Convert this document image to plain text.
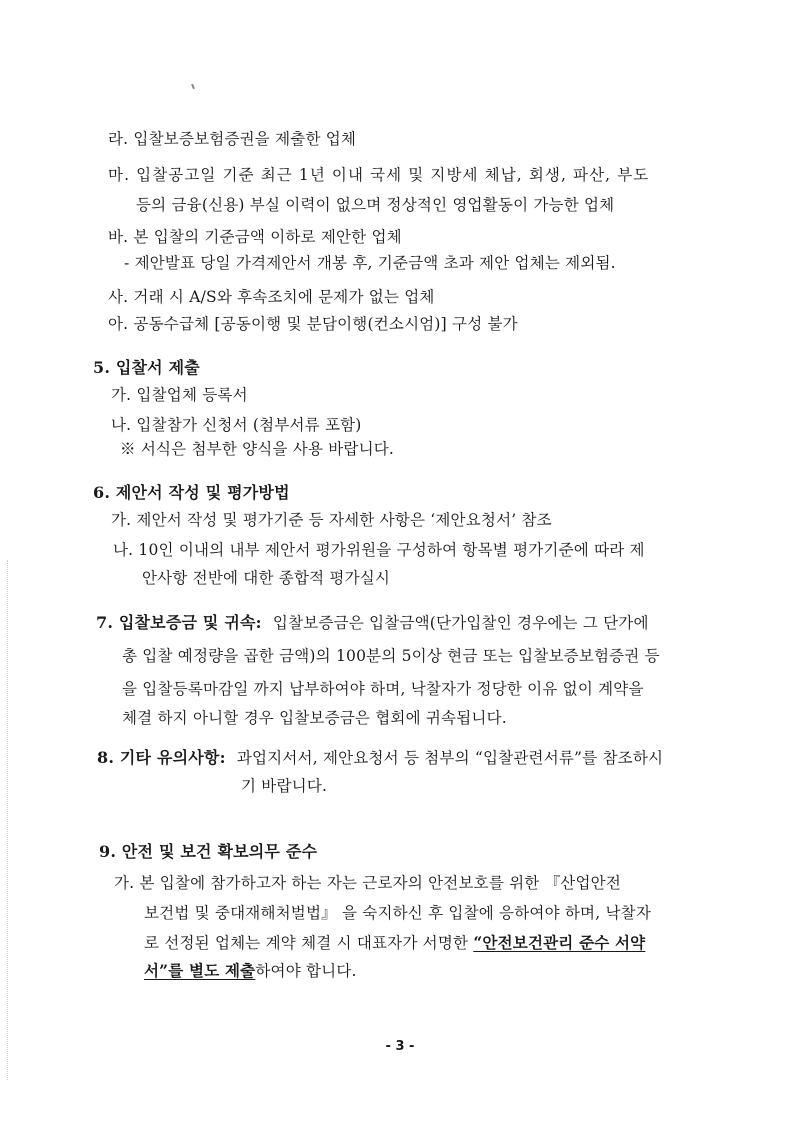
라. 입찰보증보험증권을 제출한 업체
마. 입찰공고일 기준 최근 1년 이내 국세 및 지방세 체납, 회생, 파산, 부도
등의 금융(신용) 부실 이력이 없으며 정상적인 영업활동이 가능한 업체
바. 본 입찰의 기준금액 이하로 제안한 업체
- 제안발표 당일 가격제안서 개봉 후, 기준금액 초과 제안 업체는 제외됨.
사. 거래 시 A/S와 후속조치에 문제가 없는 업체
아. 공동수급체 [공동이행 및 분담이행(컨소시엄)] 구성 불가
5. 입찰서 제출
가. 입찰업체 등록서
나. 입찰참가 신청서 (첨부서류 포함)
※ 서식은 첨부한 양식을 사용 바랍니다.
6. 제안서 작성 및 평가방법
가. 제안서 작성 및 평가기준 등 자세한 사항은 ‘제안요청서’ 참조
나. 10인 이내의 내부 제안서 평가위원을 구성하여 항목별 평가기준에 따라 제
안사항 전반에 대한 종합적 평가실시
7. 입찰보증금 및 귀속: 입찰보증금은 입찰금액(단가입찰인 경우에는 그 단가에
총 입찰 예정량을 곱한 금액)의 100분의 5이상 현금 또는 입찰보증보험증권 등
을 입찰등록마감일 까지 납부하여야 하며, 낙찰자가 정당한 이유 없이 계약을
체결 하지 아니할 경우 입찰보증금은 협회에 귀속됩니다.
8. 기타 유의사항: 과업지서서, 제안요청서 등 첨부의 “입찰관련서류”를 참조하시
기 바랍니다.
9. 안전 및 보건 확보의무 준수
가. 본 입찰에 참가하고자 하는 자는 근로자의 안전보호를 위한 『산업안전
보건법 및 중대재해처벌법』 을 숙지하신 후 입찰에 응하여야 하며, 낙찰자
로 선정된 업체는 계약 체결 시 대표자가 서명한 “안전보건관리 준수 서약
서”를 별도 제출하여야 합니다.
- 3 -
